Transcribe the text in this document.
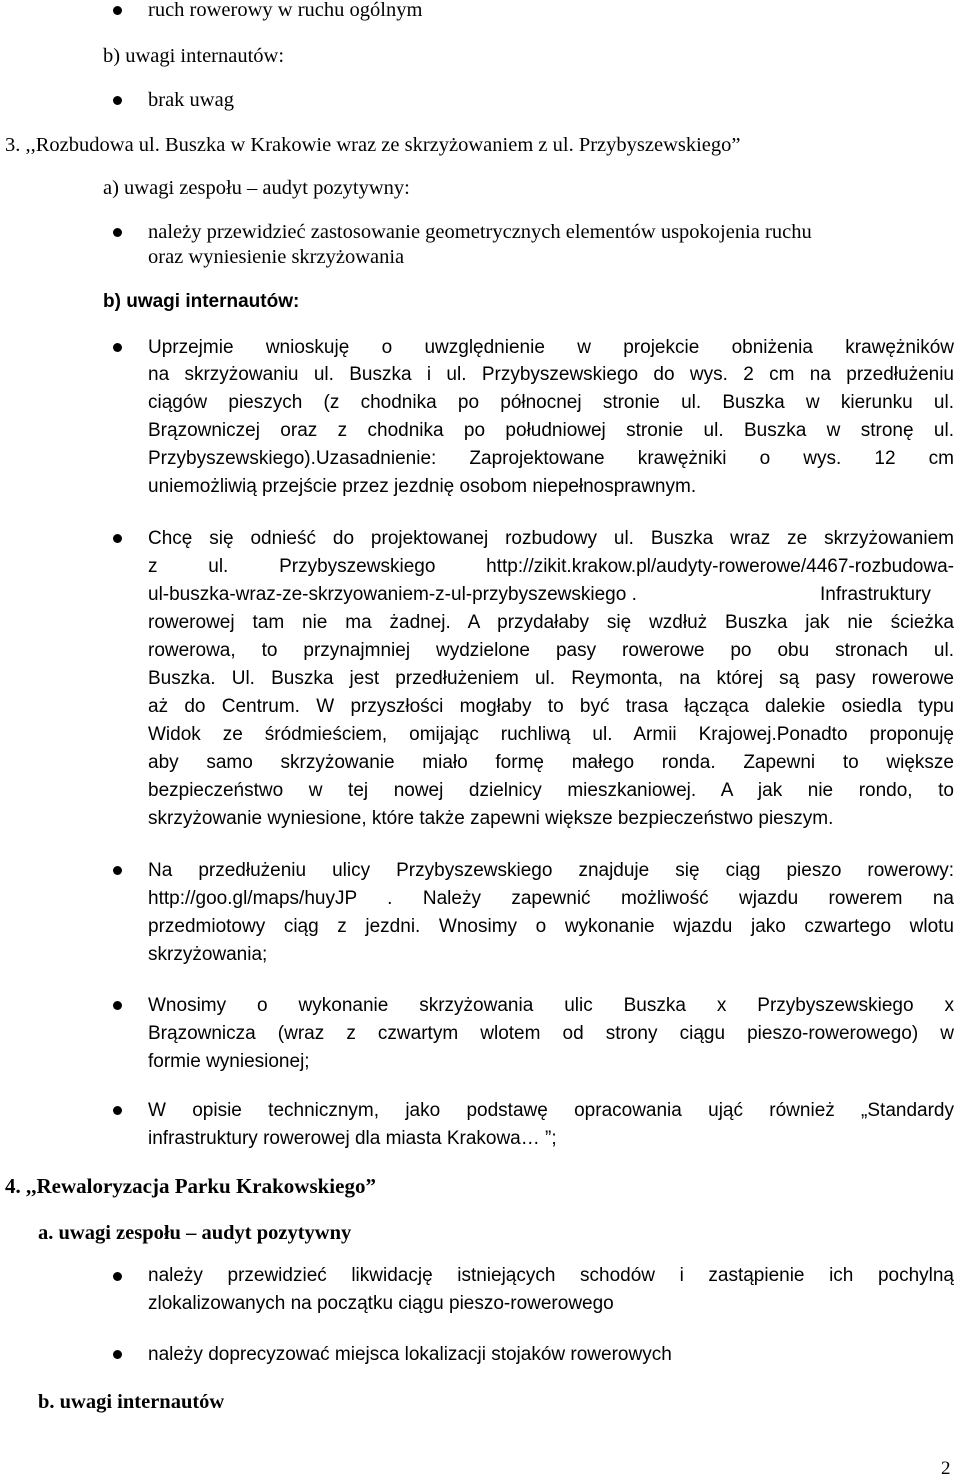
ruch rowerowy w ruchu ogólnym
b) uwagi internautów:
brak uwag
3. ,,Rozbudowa ul. Buszka w Krakowie wraz ze skrzyżowaniem z ul. Przybyszewskiego”
a) uwagi zespołu – audyt pozytywny:
należy przewidzieć zastosowanie geometrycznych elementów uspokojenia ruchu
oraz wyniesienie skrzyżowania
b) uwagi internautów:
Uprzejmie wnioskuję o uwzględnienie w projekcie obniżenia krawężników
na skrzyżowaniu ul. Buszka i ul. Przybyszewskiego do wys. 2 cm na przedłużeniu
ciągów pieszych (z chodnika po północnej stronie ul. Buszka w kierunku ul.
Brązowniczej oraz z chodnika po południowej stronie ul. Buszka w stronę ul.
Przybyszewskiego).Uzasadnienie: Zaprojektowane krawężniki o wys. 12 cm
uniemożliwią przejście przez jezdnię osobom niepełnosprawnym.
Chcę się odnieść do projektowanej rozbudowy ul. Buszka wraz ze skrzyżowaniem
z ul. Przybyszewskiego http://zikit.krakow.pl/audyty-rowerowe/4467-rozbudowa-
ul-buszka-wraz-ze-skrzyowaniem-z-ul-przybyszewskiego .	Infrastruktury
rowerowej tam nie ma żadnej. A przydałaby się wzdłuż Buszka jak nie ścieżka
rowerowa, to przynajmniej wydzielone pasy rowerowe po obu stronach ul.
Buszka. Ul. Buszka jest przedłużeniem ul. Reymonta, na której są pasy rowerowe
aż do Centrum. W przyszłości mogłaby to być trasa łącząca dalekie osiedla typu
Widok ze śródmieściem, omijając ruchliwą ul. Armii Krajowej.Ponadto proponuję
aby samo skrzyżowanie miało formę małego ronda. Zapewni to większe
bezpieczeństwo w tej nowej dzielnicy mieszkaniowej. A jak nie rondo, to
skrzyżowanie wyniesione, które także zapewni większe bezpieczeństwo pieszym.
Na przedłużeniu ulicy Przybyszewskiego znajduje się ciąg pieszo rowerowy:
http://goo.gl/maps/huyJP . Należy zapewnić możliwość wjazdu rowerem na
przedmiotowy ciąg z jezdni. Wnosimy o wykonanie wjazdu jako czwartego wlotu
skrzyżowania;
Wnosimy o wykonanie skrzyżowania ulic Buszka x Przybyszewskiego x
Brązownicza (wraz z czwartym wlotem od strony ciągu pieszo-rowerowego) w
formie wyniesionej;
W opisie technicznym, jako podstawę opracowania ująć również „Standardy
infrastruktury rowerowej dla miasta Krakowa… ”;
4. ,,Rewaloryzacja Parku Krakowskiego”
a. uwagi zespołu – audyt pozytywny
należy przewidzieć likwidację istniejących schodów i zastąpienie ich pochylną
zlokalizowanych na początku ciągu pieszo-rowerowego
należy doprecyzować miejsca lokalizacji stojaków rowerowych
b. uwagi internautów
2
